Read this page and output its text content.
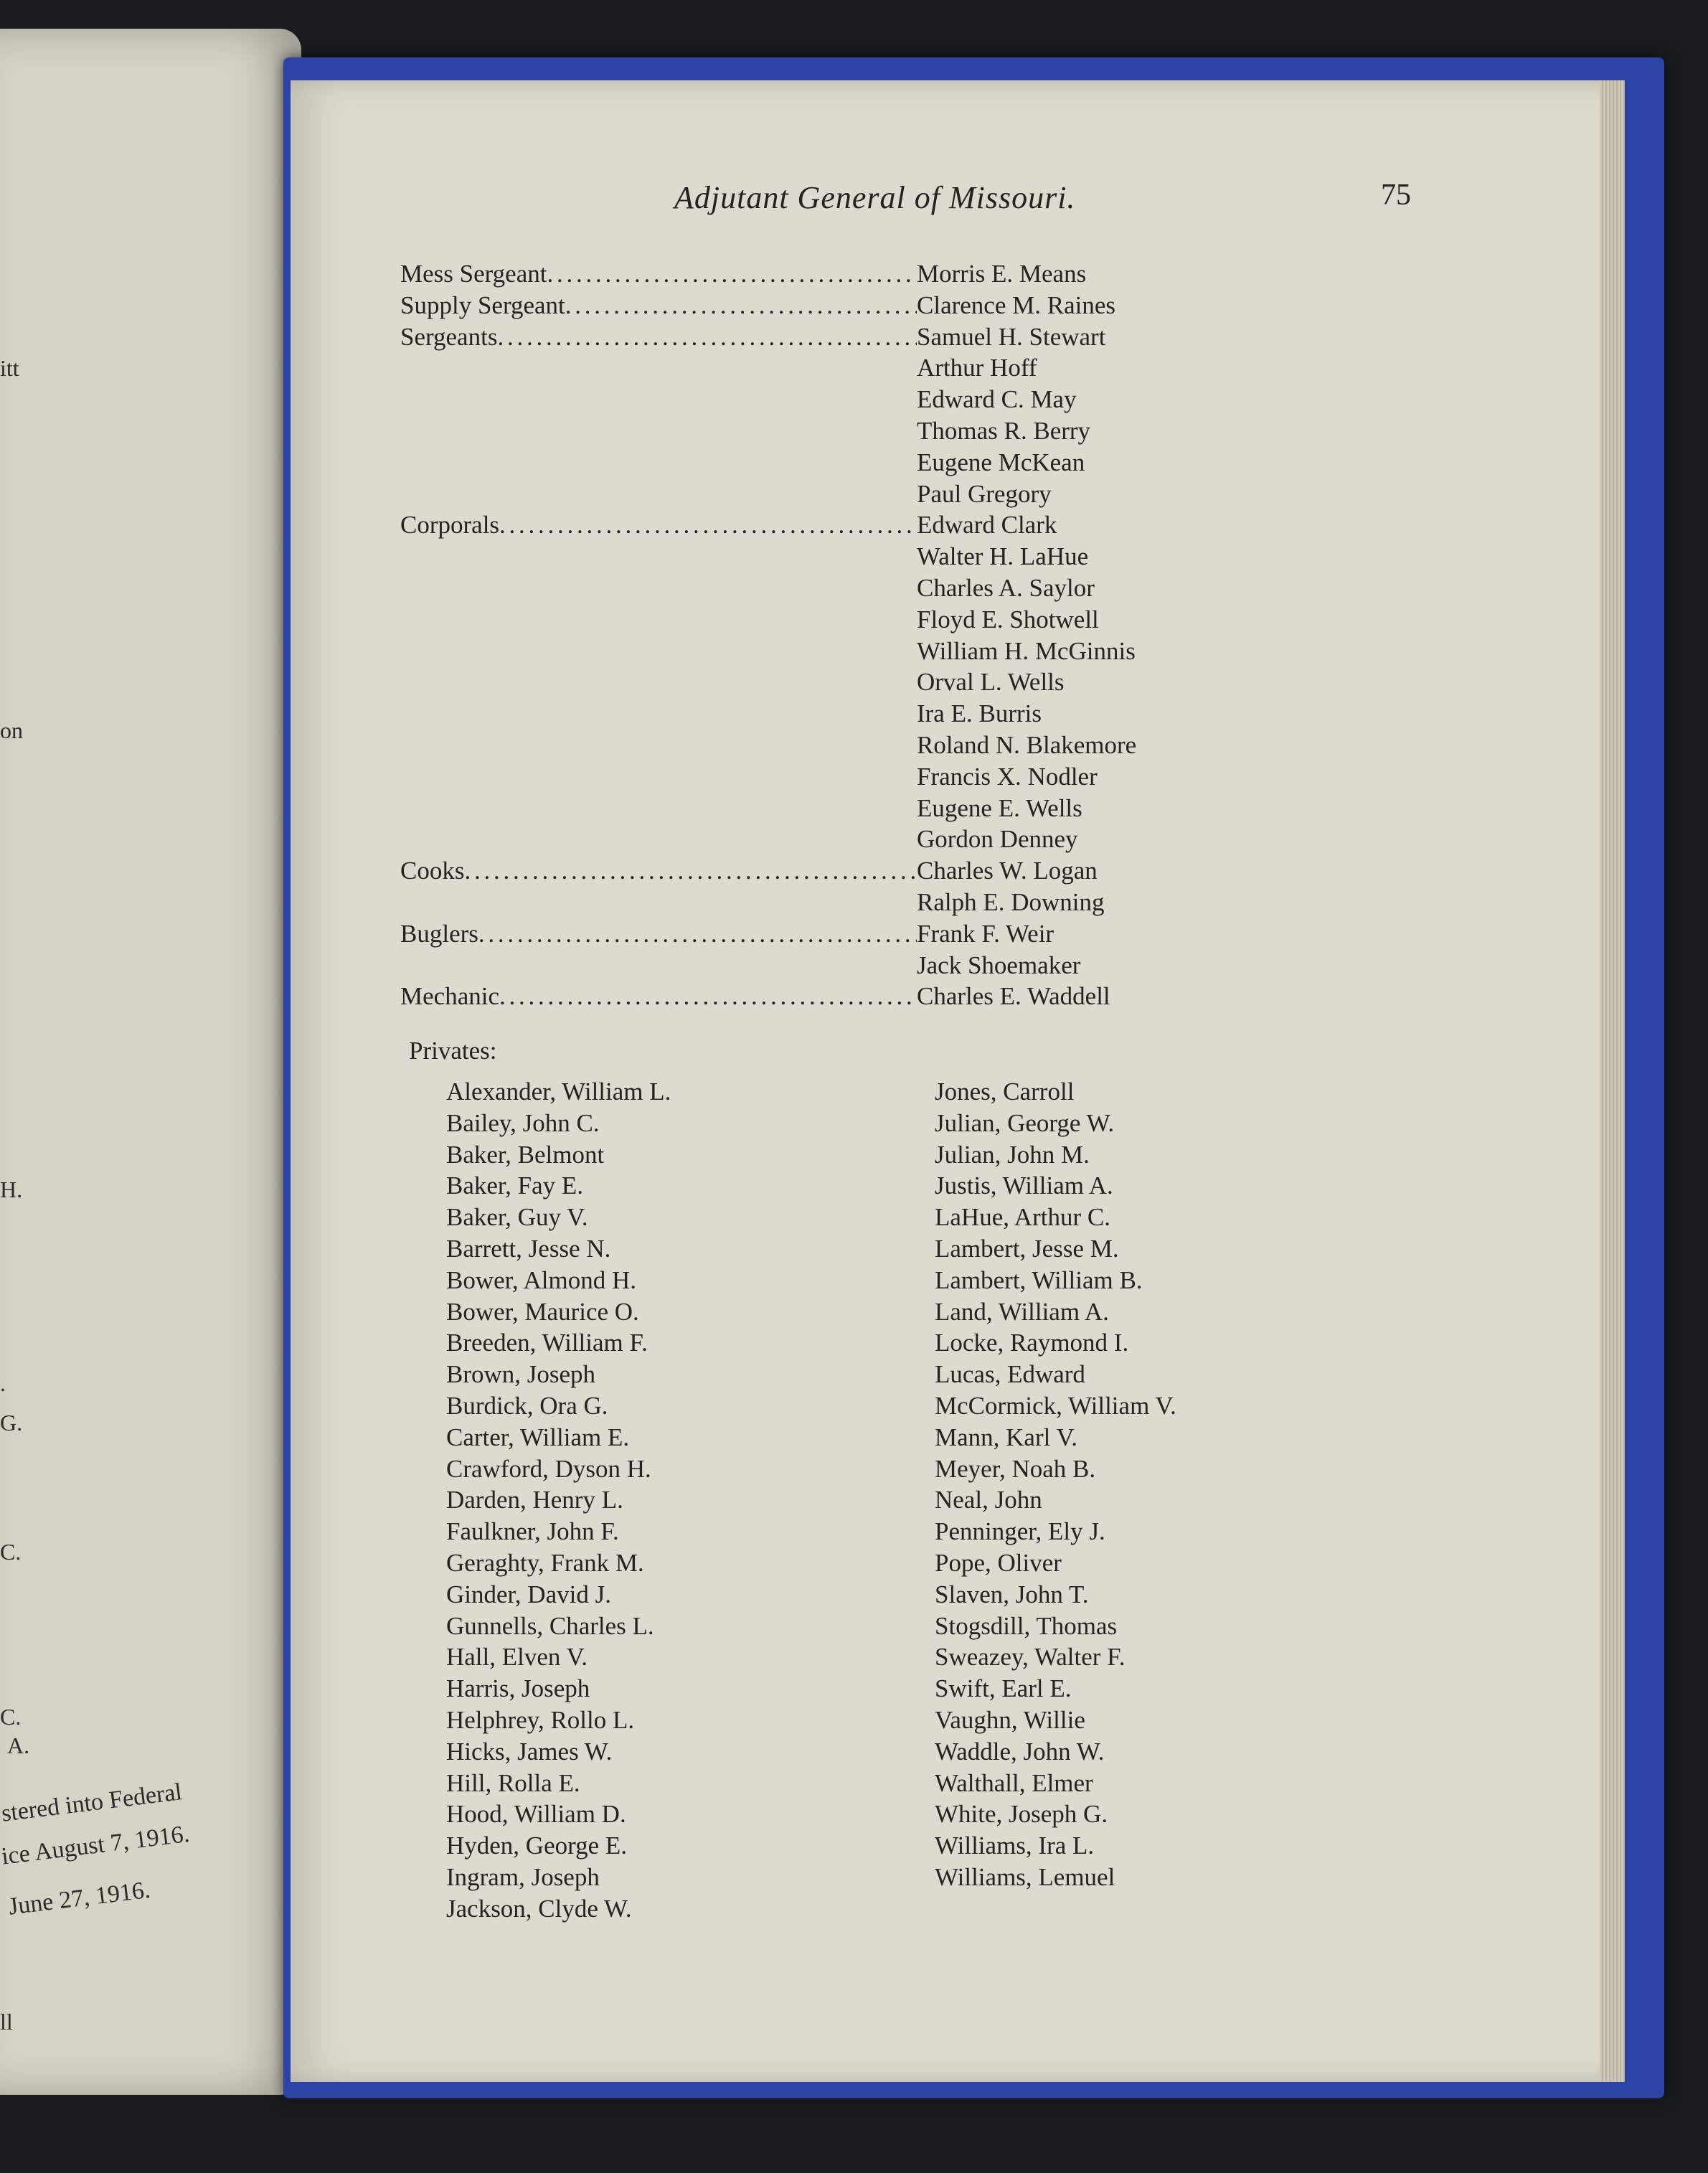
itt
on
H.
.
G.
C.
C.
A.
stered into Federal
ice August 7, 1916.
June 27, 1916.
ll
Adjutant General of Missouri.	75
Mess Sergeant . . .	Morris E. Means
Supply Sergeant . . .	Clarence M. Raines
Sergeants . . .	Samuel H. Stewart
Arthur Hoff
Edward C. May
Thomas R. Berry
Eugene McKean
Paul Gregory
Corporals . . .	Edward Clark
Walter H. LaHue
Charles A. Saylor
Floyd E. Shotwell
William H. McGinnis
Orval L. Wells
Ira E. Burris
Roland N. Blakemore
Francis X. Nodler
Eugene E. Wells
Gordon Denney
Cooks . . .	Charles W. Logan
Ralph E. Downing
Buglers . . .	Frank F. Weir
Jack Shoemaker
Mechanic . . .	Charles E. Waddell
Privates:
Alexander, William L.
Bailey, John C.
Baker, Belmont
Baker, Fay E.
Baker, Guy V.
Barrett, Jesse N.
Bower, Almond H.
Bower, Maurice O.
Breeden, William F.
Brown, Joseph
Burdick, Ora G.
Carter, William E.
Crawford, Dyson H.
Darden, Henry L.
Faulkner, John F.
Geraghty, Frank M.
Ginder, David J.
Gunnells, Charles L.
Hall, Elven V.
Harris, Joseph
Helphrey, Rollo L.
Hicks, James W.
Hill, Rolla E.
Hood, William D.
Hyden, George E.
Ingram, Joseph
Jackson, Clyde W.
Jones, Carroll
Julian, George W.
Julian, John M.
Justis, William A.
LaHue, Arthur C.
Lambert, Jesse M.
Lambert, William B.
Land, William A.
Locke, Raymond I.
Lucas, Edward
McCormick, William V.
Mann, Karl V.
Meyer, Noah B.
Neal, John
Penninger, Ely J.
Pope, Oliver
Slaven, John T.
Stogsdill, Thomas
Sweazey, Walter F.
Swift, Earl E.
Vaughn, Willie
Waddle, John W.
Walthall, Elmer
White, Joseph G.
Williams, Ira L.
Williams, Lemuel
